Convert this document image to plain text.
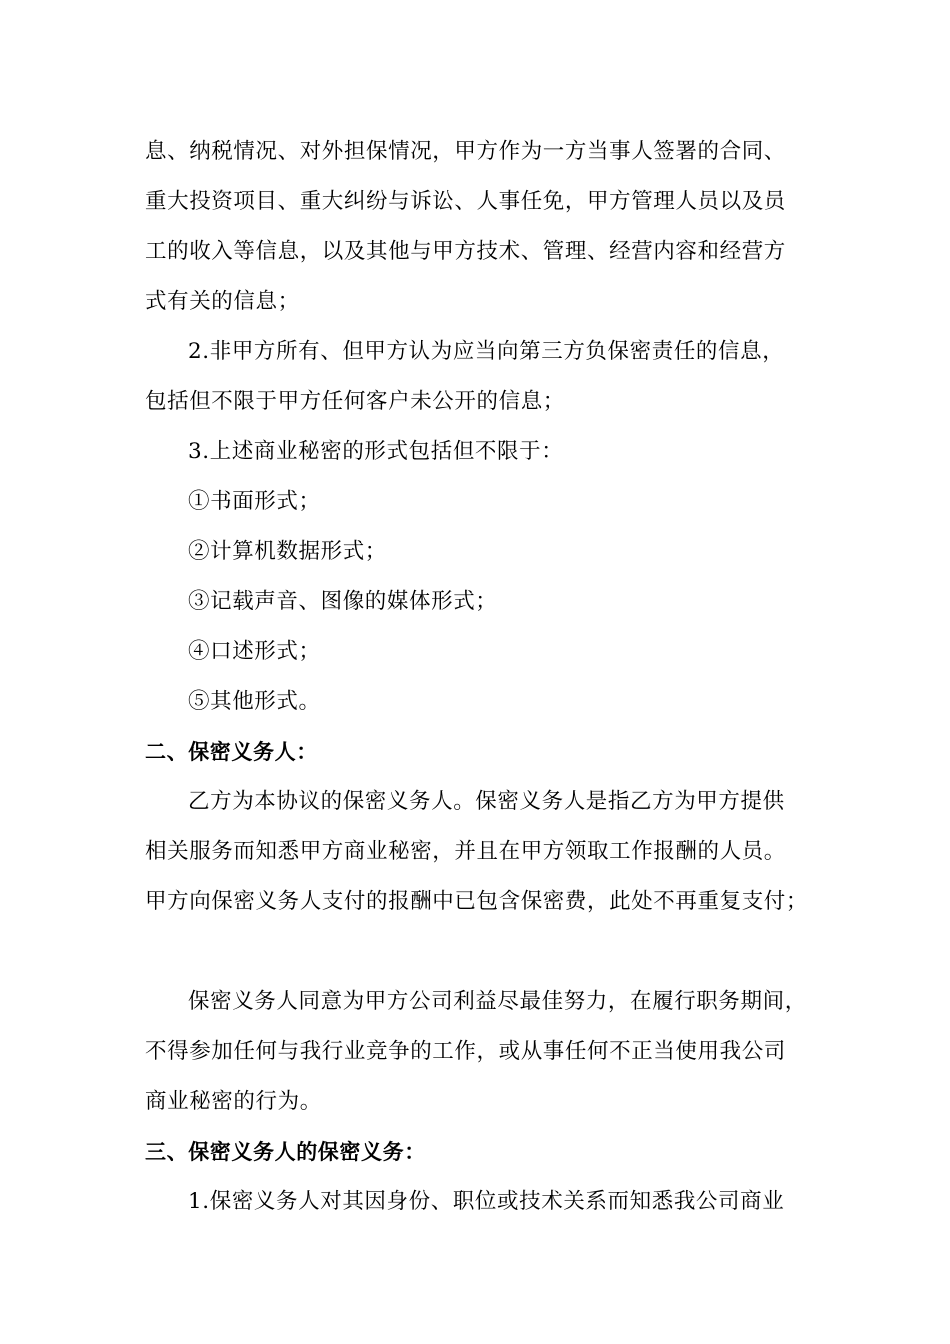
息、纳税情况、对外担保情况，甲方作为一方当事人签署的合同、
重大投资项目、重大纠纷与诉讼、人事任免，甲方管理人员以及员
工的收入等信息，以及其他与甲方技术、管理、经营内容和经营方
式有关的信息；
2.非甲方所有、但甲方认为应当向第三方负保密责任的信息，
包括但不限于甲方任何客户未公开的信息；
3.上述商业秘密的形式包括但不限于：
①书面形式；
②计算机数据形式；
③记载声音、图像的媒体形式；
④口述形式；
⑤其他形式。
二、保密义务人：
乙方为本协议的保密义务人。保密义务人是指乙方为甲方提供
相关服务而知悉甲方商业秘密，并且在甲方领取工作报酬的人员。
甲方向保密义务人支付的报酬中已包含保密费，此处不再重复支付；
保密义务人同意为甲方公司利益尽最佳努力，在履行职务期间，
不得参加任何与我行业竞争的工作，或从事任何不正当使用我公司
商业秘密的行为。
三、保密义务人的保密义务：
1.保密义务人对其因身份、职位或技术关系而知悉我公司商业
